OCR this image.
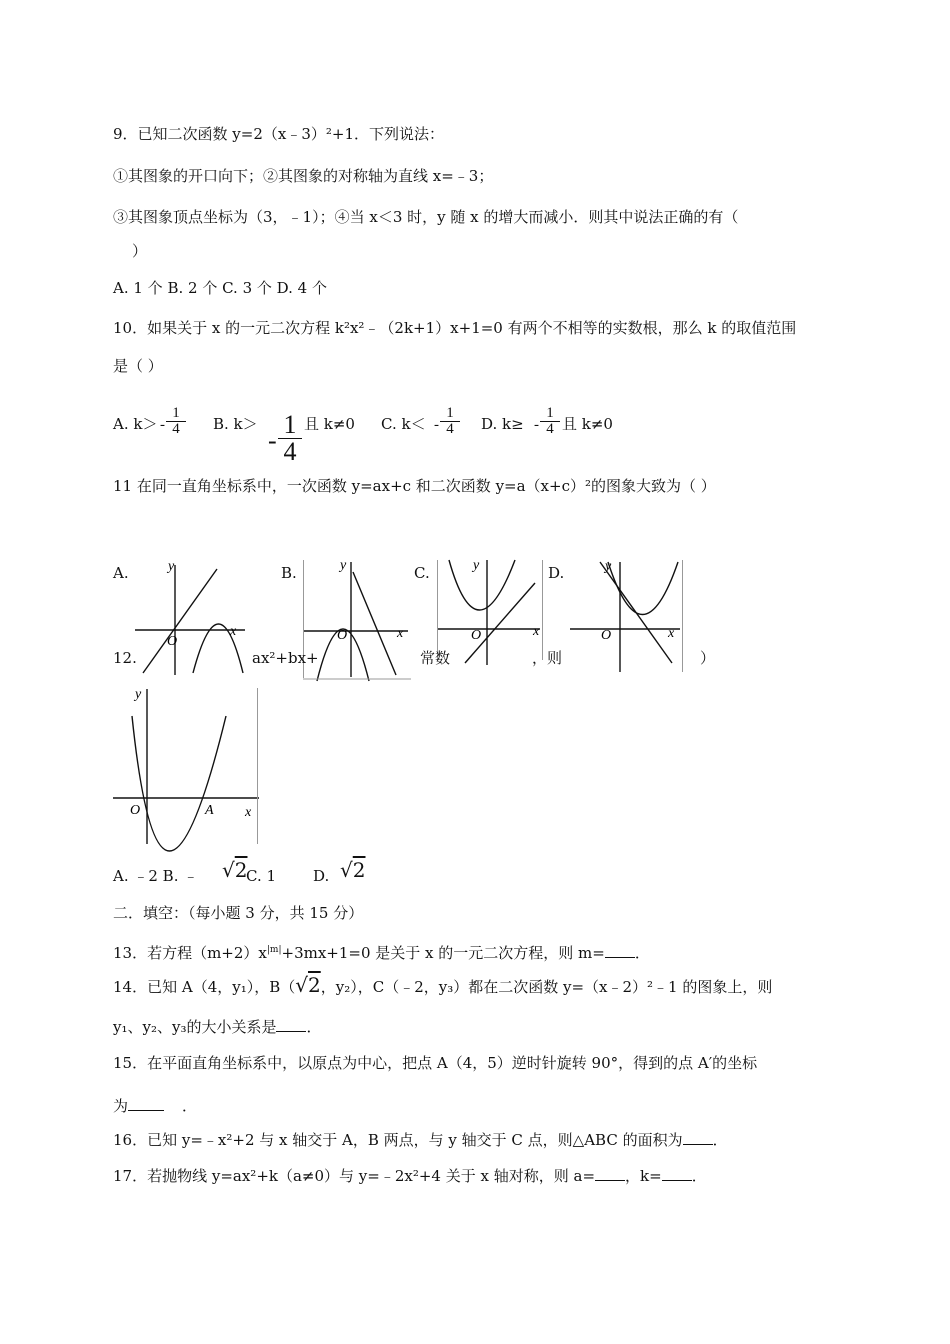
9．已知二次函数 y=2（x﹣3）²+1．下列说法：
①其图象的开口向下；②其图象的对称轴为直线 x=﹣3；
③其图象顶点坐标为（3，﹣1）；④当 x＜3 时，y 随 x 的增大而减小．则其中说法正确的有（
）
A. 1 个 B. 2 个 C. 3 个 D. 4 个
10．如果关于 x 的一元二次方程 k²x²﹣（2k+1）x+1=0 有两个不相等的实数根，那么 k 的取值范围
是（ ）
A. k＞ -
1
4	B. k＞
-
1
4
且 k≠0 C. k＜ -
1
4	D. k≥ -
1
4 且 k≠0
11 在同一直角坐标系中，一次函数 y=ax+c 和二次函数 y=a（x+c）²的图象大致为（ ）
A.	B.	C.	D.
y
x
O
y
x
O
y
x
O
y
x
O
12.	ax²+bx+	常数	，则	）
y
x
O	A
A. ﹣2 B. ﹣ √2
C. 1 D. √2
二．填空：（每小题 3 分，共 15 分）
13．若方程$(m+2)x^{|m|}+3mx+1=0$ 是关于 x 的一元二次方程，则 m= ．
14．已知 A（4，y₁），B（√2，y₂），C（﹣2，y₃）都在二次函数 y=（x﹣2）²﹣1 的图象上，则
y₁、y₂、y₃的大小关系是 ．
15．在平面直角坐标系中，以原点为中心，把点 A（4，5）逆时针旋转 90°，得到的点 A′的坐标
为	．
16．已知 y=﹣x²+2 与 x 轴交于 A，B 两点，与 y 轴交于 C 点，则△ABC 的面积为 ．
17．若抛物线 y=ax²+k（a≠0）与 y=﹣2x²+4 关于 x 轴对称，则 a= ，k= ．
